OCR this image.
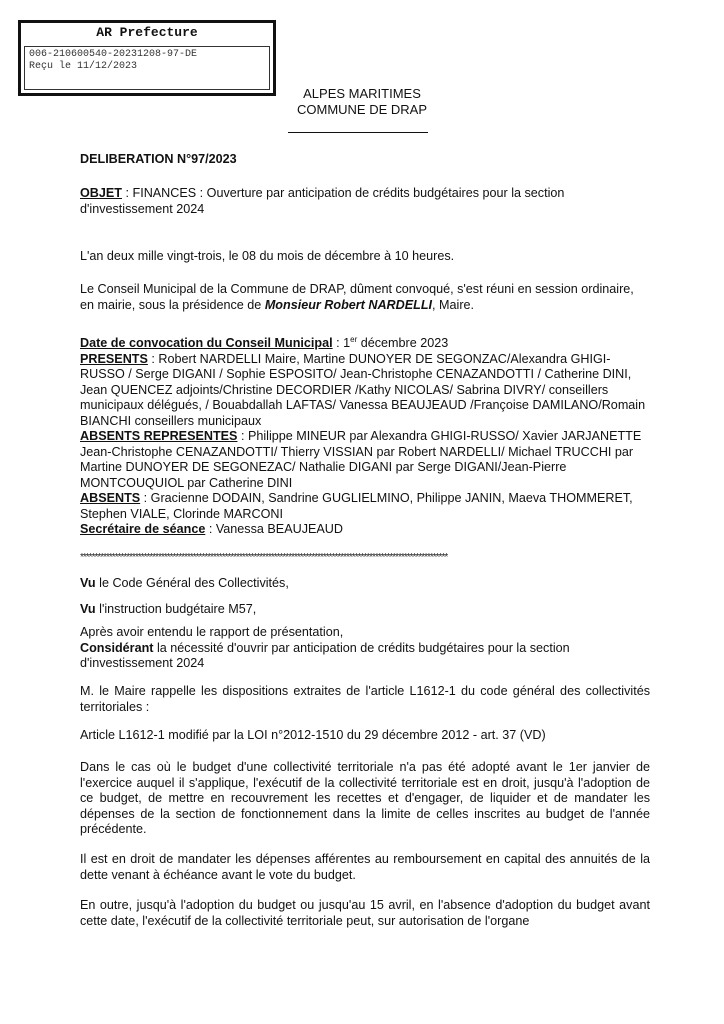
AR Prefecture
006-210600540-20231208-97-DE
Reçu le 11/12/2023
ALPES MARITIMES
COMMUNE DE DRAP
DELIBERATION N°97/2023
OBJET : FINANCES : Ouverture par anticipation de crédits budgétaires pour la section d'investissement 2024
L'an deux mille vingt-trois, le 08 du mois de décembre à 10 heures.
Le Conseil Municipal de la Commune de DRAP, dûment convoqué, s'est réuni en session ordinaire, en mairie, sous la présidence de Monsieur Robert NARDELLI, Maire.

Date de convocation du Conseil Municipal : 1er décembre 2023

PRESENTS : Robert NARDELLI Maire, Martine DUNOYER DE SEGONZAC/Alexandra GHIGI-RUSSO / Serge DIGANI / Sophie ESPOSITO/ Jean-Christophe CENAZANDOTTI / Catherine DINI, Jean QUENCEZ adjoints/Christine DECORDIER /Kathy NICOLAS/ Sabrina DIVRY/ conseillers municipaux délégués, / Bouabdallah LAFTAS/ Vanessa BEAUJEAUD /Françoise DAMILANO/Romain BIANCHI conseillers municipaux

ABSENTS REPRESENTES : Philippe MINEUR par Alexandra GHIGI-RUSSO/ Xavier JARJANETTE Jean-Christophe CENAZANDOTTI/ Thierry VISSIAN par Robert NARDELLI/ Michael TRUCCHI par Martine DUNOYER DE SEGONEZAC/ Nathalie DIGANI par Serge DIGANI/Jean-Pierre MONTCOUQUIOL par Catherine DINI

ABSENTS : Gracienne DODAIN, Sandrine GUGLIELMINO, Philippe JANIN, Maeva THOMMERET, Stephen VIALE, Clorinde MARCONI

Secrétaire de séance : Vanessa BEAUJEAUD

*******************************************************************************************************************************
Vu le Code Général des Collectivités,
Vu l'instruction budgétaire M57,

Après avoir entendu le rapport de présentation,

Considérant la nécessité d'ouvrir par anticipation de crédits budgétaires pour la section d'investissement 2024

M. le Maire rappelle les dispositions extraites de l'article L1612-1 du code général des collectivités territoriales :
Article L1612-1 modifié par la LOI n°2012-1510 du 29 décembre 2012 - art. 37 (VD)
Dans le cas où le budget d'une collectivité territoriale n'a pas été adopté avant le 1er janvier de l'exercice auquel il s'applique, l'exécutif de la collectivité territoriale est en droit, jusqu'à l'adoption de ce budget, de mettre en recouvrement les recettes et d'engager, de liquider et de mandater les dépenses de la section de fonctionnement dans la limite de celles inscrites au budget de l'année précédente.
Il est en droit de mandater les dépenses afférentes au remboursement en capital des annuités de la dette venant à échéance avant le vote du budget.
En outre, jusqu'à l'adoption du budget ou jusqu'au 15 avril, en l'absence d'adoption du budget avant cette date, l'exécutif de la collectivité territoriale peut, sur autorisation de l'organe
